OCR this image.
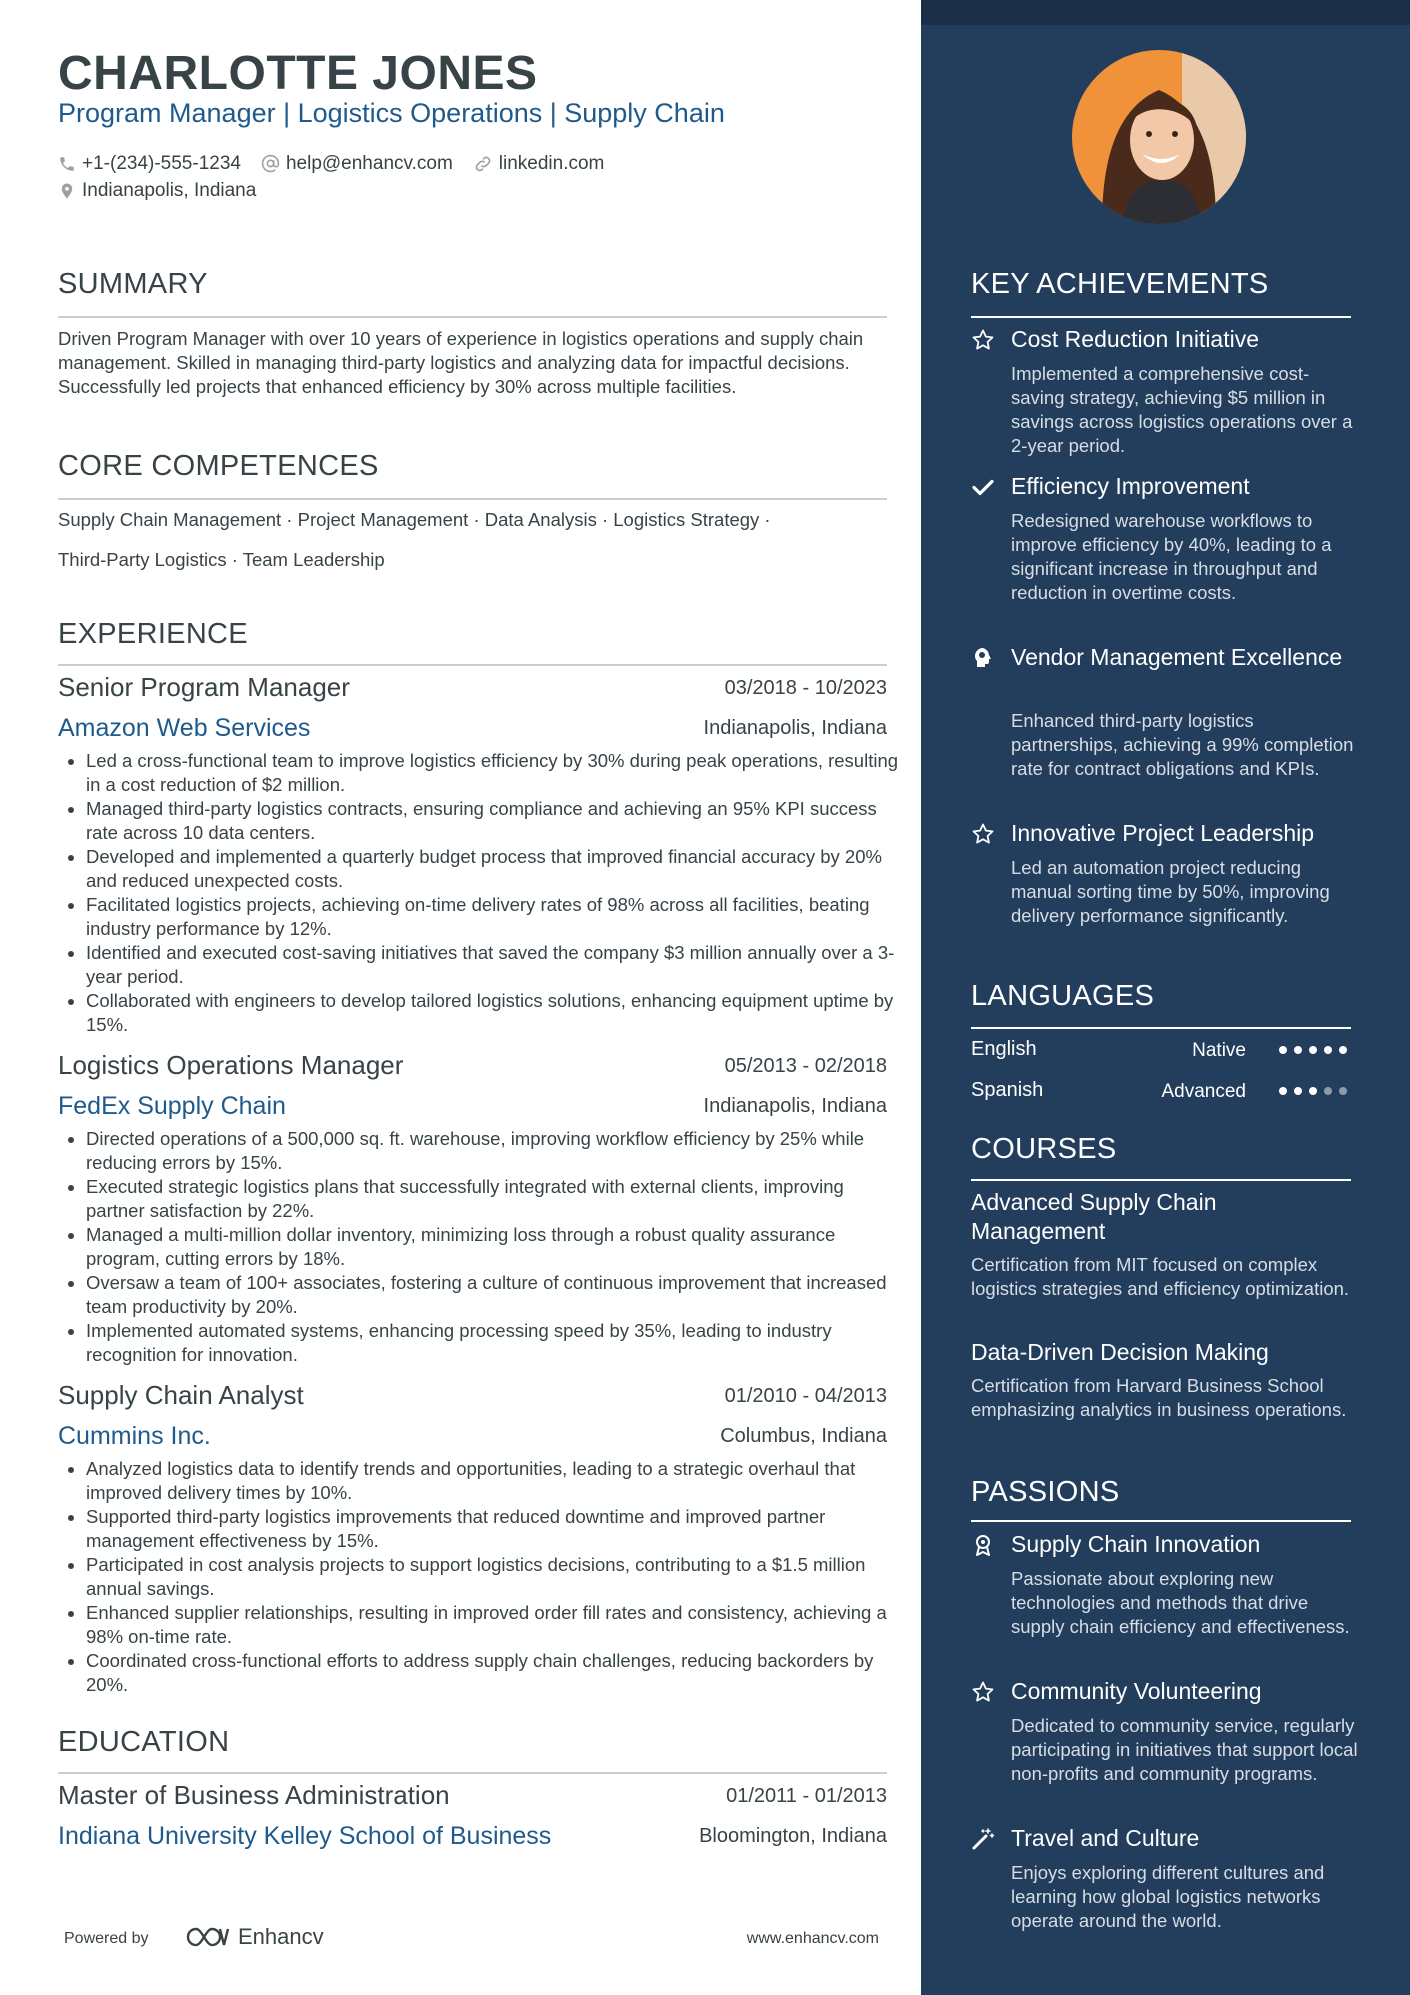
CHARLOTTE JONES
Program Manager | Logistics Operations | Supply Chain
+1-(234)-555-1234 help@enhancv.com linkedin.com
Indianapolis, Indiana
SUMMARY
Driven Program Manager with over 10 years of experience in logistics operations and supply chain management. Skilled in managing third-party logistics and analyzing data for impactful decisions. Successfully led projects that enhanced efficiency by 30% across multiple facilities.
CORE COMPETENCES
Supply Chain Management · Project Management · Data Analysis · Logistics Strategy ·
Third-Party Logistics · Team Leadership
EXPERIENCE
Senior Program Manager	03/2018 - 10/2023
Amazon Web Services	Indianapolis, Indiana
• Led a cross-functional team to improve logistics efficiency by 30% during peak operations, resulting in a cost reduction of $2 million.
• Managed third-party logistics contracts, ensuring compliance and achieving an 95% KPI success rate across 10 data centers.
• Developed and implemented a quarterly budget process that improved financial accuracy by 20% and reduced unexpected costs.
• Facilitated logistics projects, achieving on-time delivery rates of 98% across all facilities, beating industry performance by 12%.
• Identified and executed cost-saving initiatives that saved the company $3 million annually over a 3-year period.
• Collaborated with engineers to develop tailored logistics solutions, enhancing equipment uptime by 15%.
Logistics Operations Manager	05/2013 - 02/2018
FedEx Supply Chain	Indianapolis, Indiana
• Directed operations of a 500,000 sq. ft. warehouse, improving workflow efficiency by 25% while reducing errors by 15%.
• Executed strategic logistics plans that successfully integrated with external clients, improving partner satisfaction by 22%.
• Managed a multi-million dollar inventory, minimizing loss through a robust quality assurance program, cutting errors by 18%.
• Oversaw a team of 100+ associates, fostering a culture of continuous improvement that increased team productivity by 20%.
• Implemented automated systems, enhancing processing speed by 35%, leading to industry recognition for innovation.
Supply Chain Analyst	01/2010 - 04/2013
Cummins Inc.	Columbus, Indiana
• Analyzed logistics data to identify trends and opportunities, leading to a strategic overhaul that improved delivery times by 10%.
• Supported third-party logistics improvements that reduced downtime and improved partner management effectiveness by 15%.
• Participated in cost analysis projects to support logistics decisions, contributing to a $1.5 million annual savings.
• Enhanced supplier relationships, resulting in improved order fill rates and consistency, achieving a 98% on-time rate.
• Coordinated cross-functional efforts to address supply chain challenges, reducing backorders by 20%.
EDUCATION
Master of Business Administration	01/2011 - 01/2013
Indiana University Kelley School of Business	Bloomington, Indiana
Powered by	Enhancv	www.enhancv.com
KEY ACHIEVEMENTS
Cost Reduction Initiative
Implemented a comprehensive cost-saving strategy, achieving $5 million in savings across logistics operations over a 2-year period.
Efficiency Improvement
Redesigned warehouse workflows to improve efficiency by 40%, leading to a significant increase in throughput and reduction in overtime costs.
Vendor Management Excellence
Enhanced third-party logistics partnerships, achieving a 99% completion rate for contract obligations and KPIs.
Innovative Project Leadership
Led an automation project reducing manual sorting time by 50%, improving delivery performance significantly.
LANGUAGES
English	Native
Spanish	Advanced
COURSES
Advanced Supply Chain Management
Certification from MIT focused on complex logistics strategies and efficiency optimization.
Data-Driven Decision Making
Certification from Harvard Business School emphasizing analytics in business operations.
PASSIONS
Supply Chain Innovation
Passionate about exploring new technologies and methods that drive supply chain efficiency and effectiveness.
Community Volunteering
Dedicated to community service, regularly participating in initiatives that support local non-profits and community programs.
Travel and Culture
Enjoys exploring different cultures and learning how global logistics networks operate around the world.
